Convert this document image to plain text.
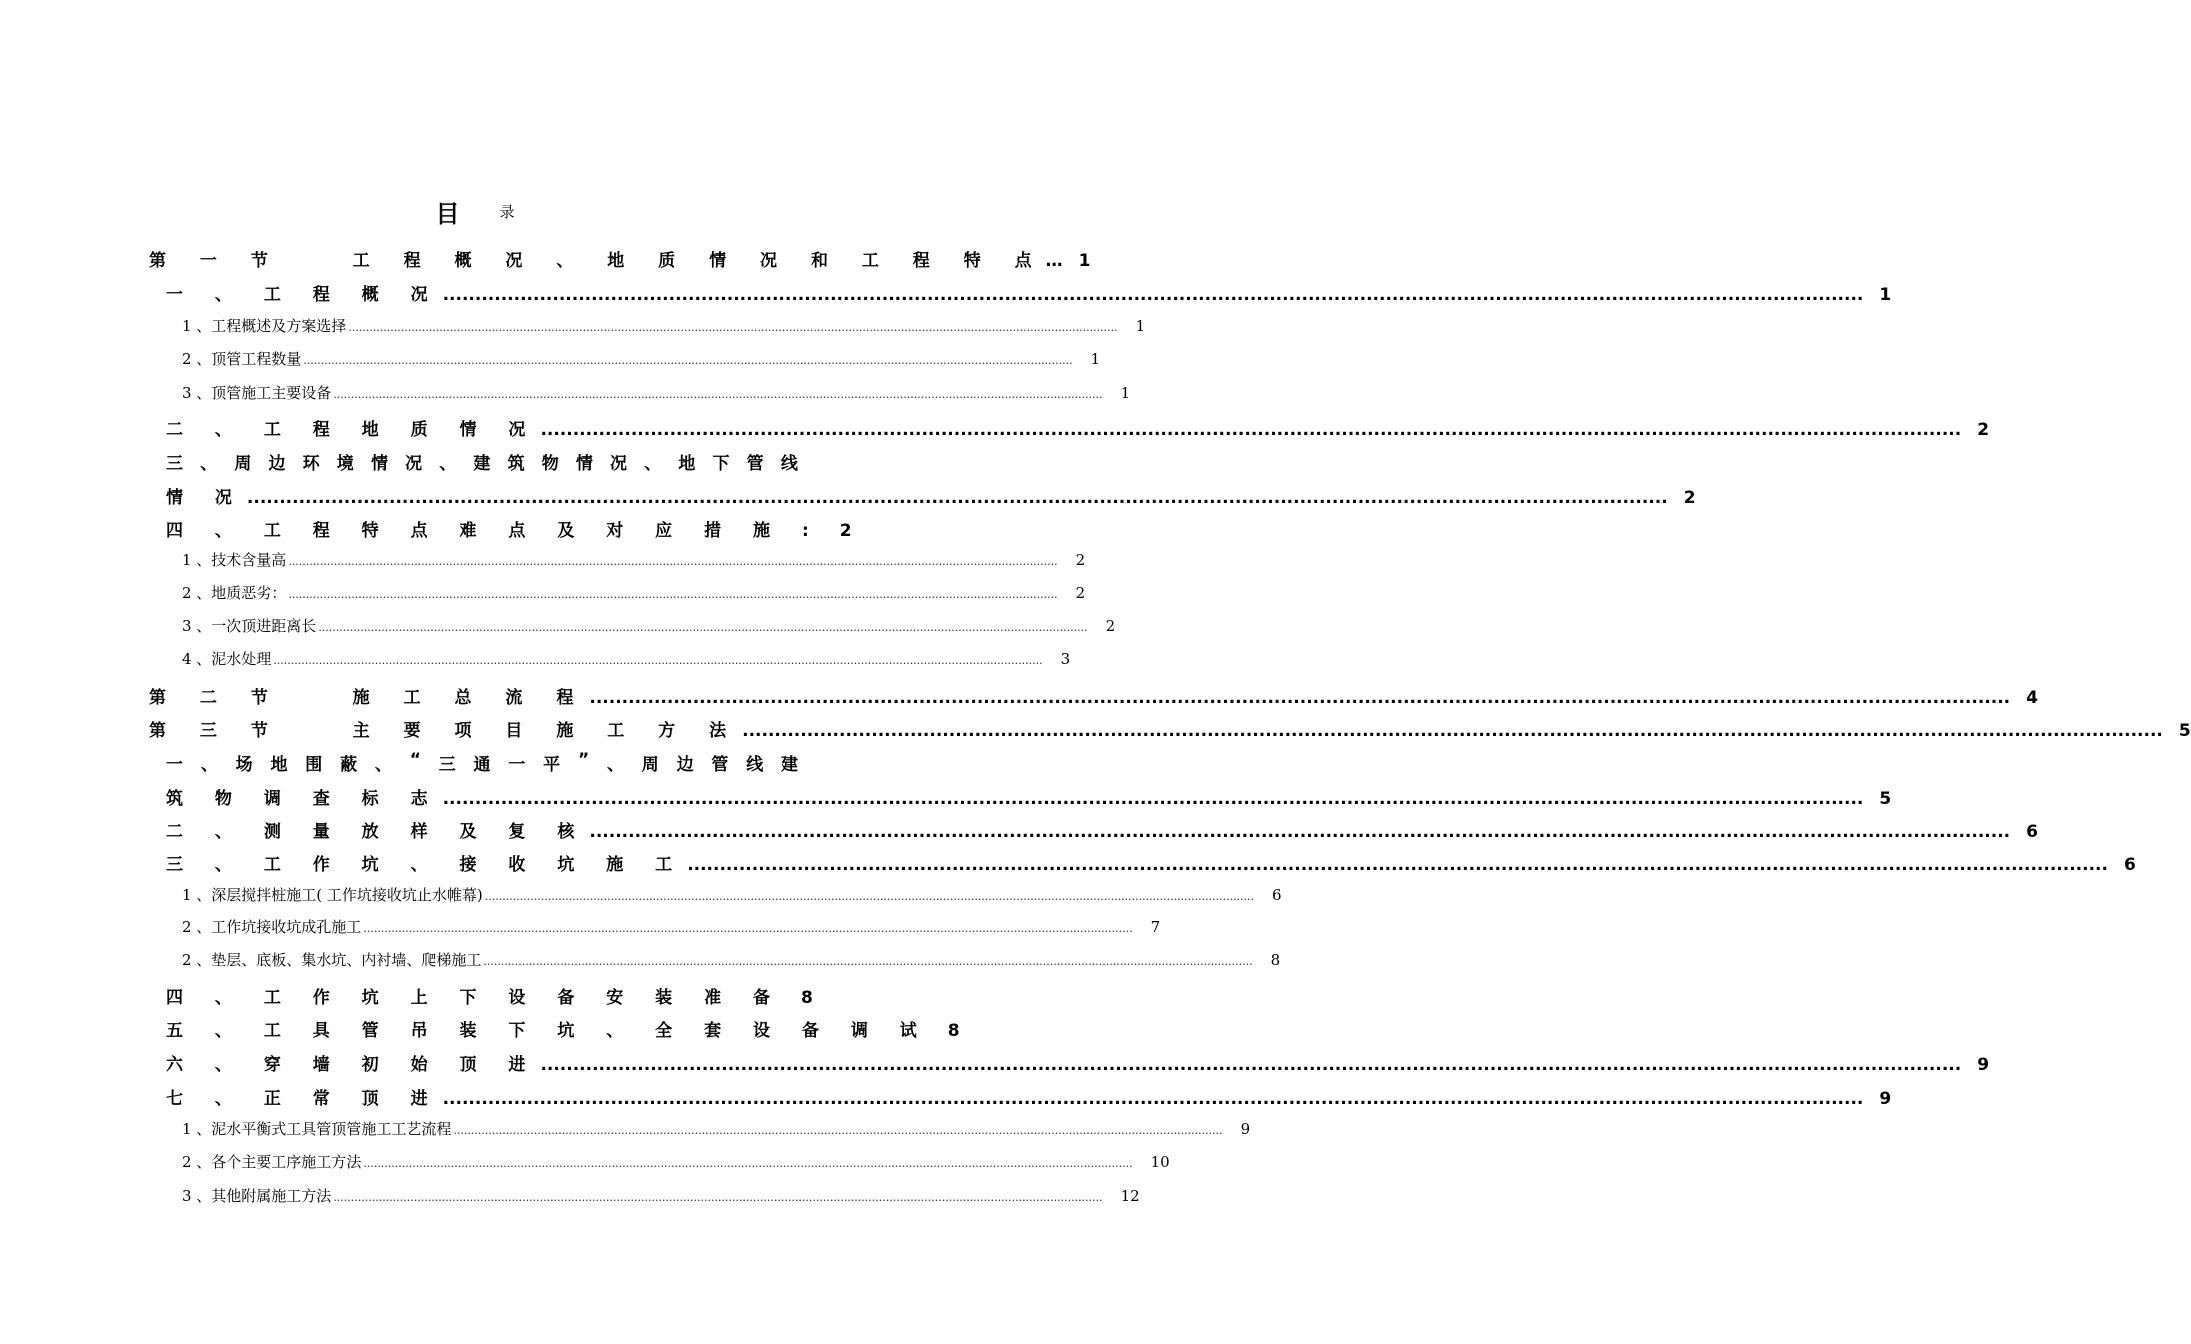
目	录
第 一 节 　 工 程 概 况 、 地 质 情 况 和 工 程 特 点 … 1
一 、 工 程 概 况 ............................................................................................................................................................................................................................ 1
1 、工程概述及方案选择 ............................................................................................................................................................................................................................ 1
2 、顶管工程数量 ............................................................................................................................................................................................................................ 1
3 、顶管施工主要设备 ............................................................................................................................................................................................................................ 1
二 、 工 程 地 质 情 况 ............................................................................................................................................................................................................................ 2
三 、 周 边 环 境 情 况 、 建 筑 物 情 况 、 地 下 管 线
情 况 ............................................................................................................................................................................................................................ 2
四 、 工 程 特 点 难 点 及 对 应 措 施 : 2
1 、技术含量高 ............................................................................................................................................................................................................................ 2
2 、地质恶劣： ............................................................................................................................................................................................................................ 2
3 、一次顶进距离长 ............................................................................................................................................................................................................................ 2
4 、泥水处理 ............................................................................................................................................................................................................................ 3
第 二 节 　 施 工 总 流 程 ............................................................................................................................................................................................................................ 4
第 三 节 　 主 要 项 目 施 工 方 法 ............................................................................................................................................................................................................................ 5
一 、 场 地 围 蔽 、 “ 三 通 一 平 ” 、 周 边 管 线 建
筑 物 调 查 标 志 ............................................................................................................................................................................................................................ 5
二 、 测 量 放 样 及 复 核 ............................................................................................................................................................................................................................ 6
三 、 工 作 坑 、 接 收 坑 施 工 ............................................................................................................................................................................................................................ 6
1 、深层搅拌桩施工( 工作坑接收坑止水帷幕) ............................................................................................................................................................................................................................ 6
2 、工作坑接收坑成孔施工 ............................................................................................................................................................................................................................ 7
2 、垫层、底板、集水坑、内衬墙、爬梯施工 ............................................................................................................................................................................................................................ 8
四 、 工 作 坑 上 下 设 备 安 装 准 备 8
五 、 工 具 管 吊 装 下 坑 、 全 套 设 备 调 试 8
六 、 穿 墙 初 始 顶 进 ............................................................................................................................................................................................................................ 9
七 、 正 常 顶 进 ............................................................................................................................................................................................................................ 9
1 、泥水平衡式工具管顶管施工工艺流程 ............................................................................................................................................................................................................................ 9
2 、各个主要工序施工方法 ............................................................................................................................................................................................................................ 10
3 、其他附属施工方法 ............................................................................................................................................................................................................................ 12
